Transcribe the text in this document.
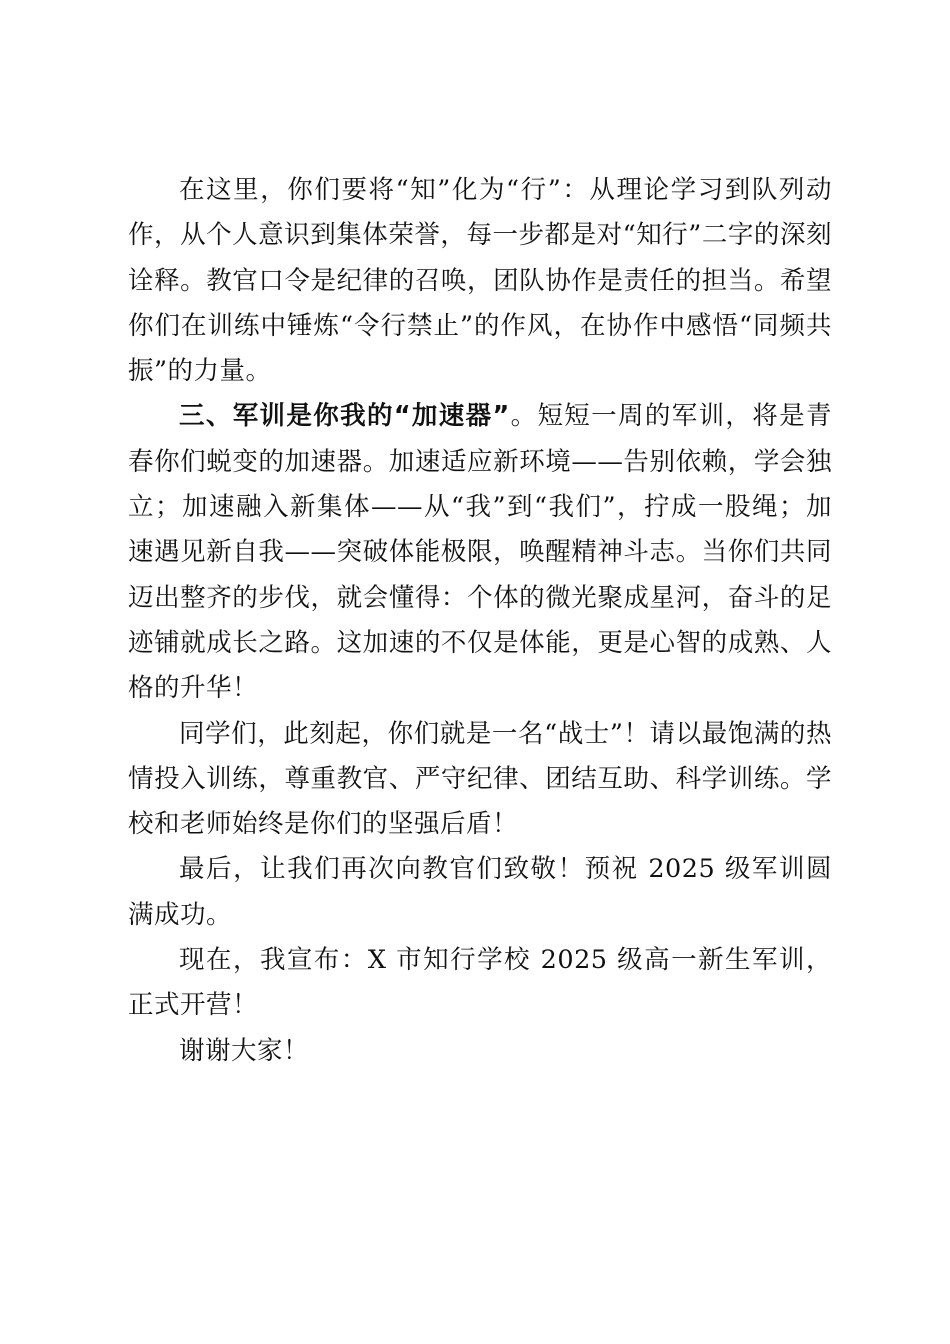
在这里，你们要将“知”化为“行”：从理论学习到队列动作，从个人意识到集体荣誉，每一步都是对“知行”二字的深刻诠释。教官口令是纪律的召唤，团队协作是责任的担当。希望你们在训练中锤炼“令行禁止”的作风，在协作中感悟“同频共振”的力量。

三、军训是你我的“加速器”。短短一周的军训，将是青春你们蜕变的加速器。加速适应新环境——告别依赖，学会独立；加速融入新集体——从“我”到“我们”，拧成一股绳；加速遇见新自我——突破体能极限，唤醒精神斗志。当你们共同迈出整齐的步伐，就会懂得：个体的微光聚成星河，奋斗的足迹铺就成长之路。这加速的不仅是体能，更是心智的成熟、人格的升华！

同学们，此刻起，你们就是一名“战士”！请以最饱满的热情投入训练，尊重教官、严守纪律、团结互助、科学训练。学校和老师始终是你们的坚强后盾！

最后，让我们再次向教官们致敬！预祝 2025 级军训圆满成功。

现在，我宣布：X 市知行学校 2025 级高一新生军训，正式开营！

谢谢大家！
